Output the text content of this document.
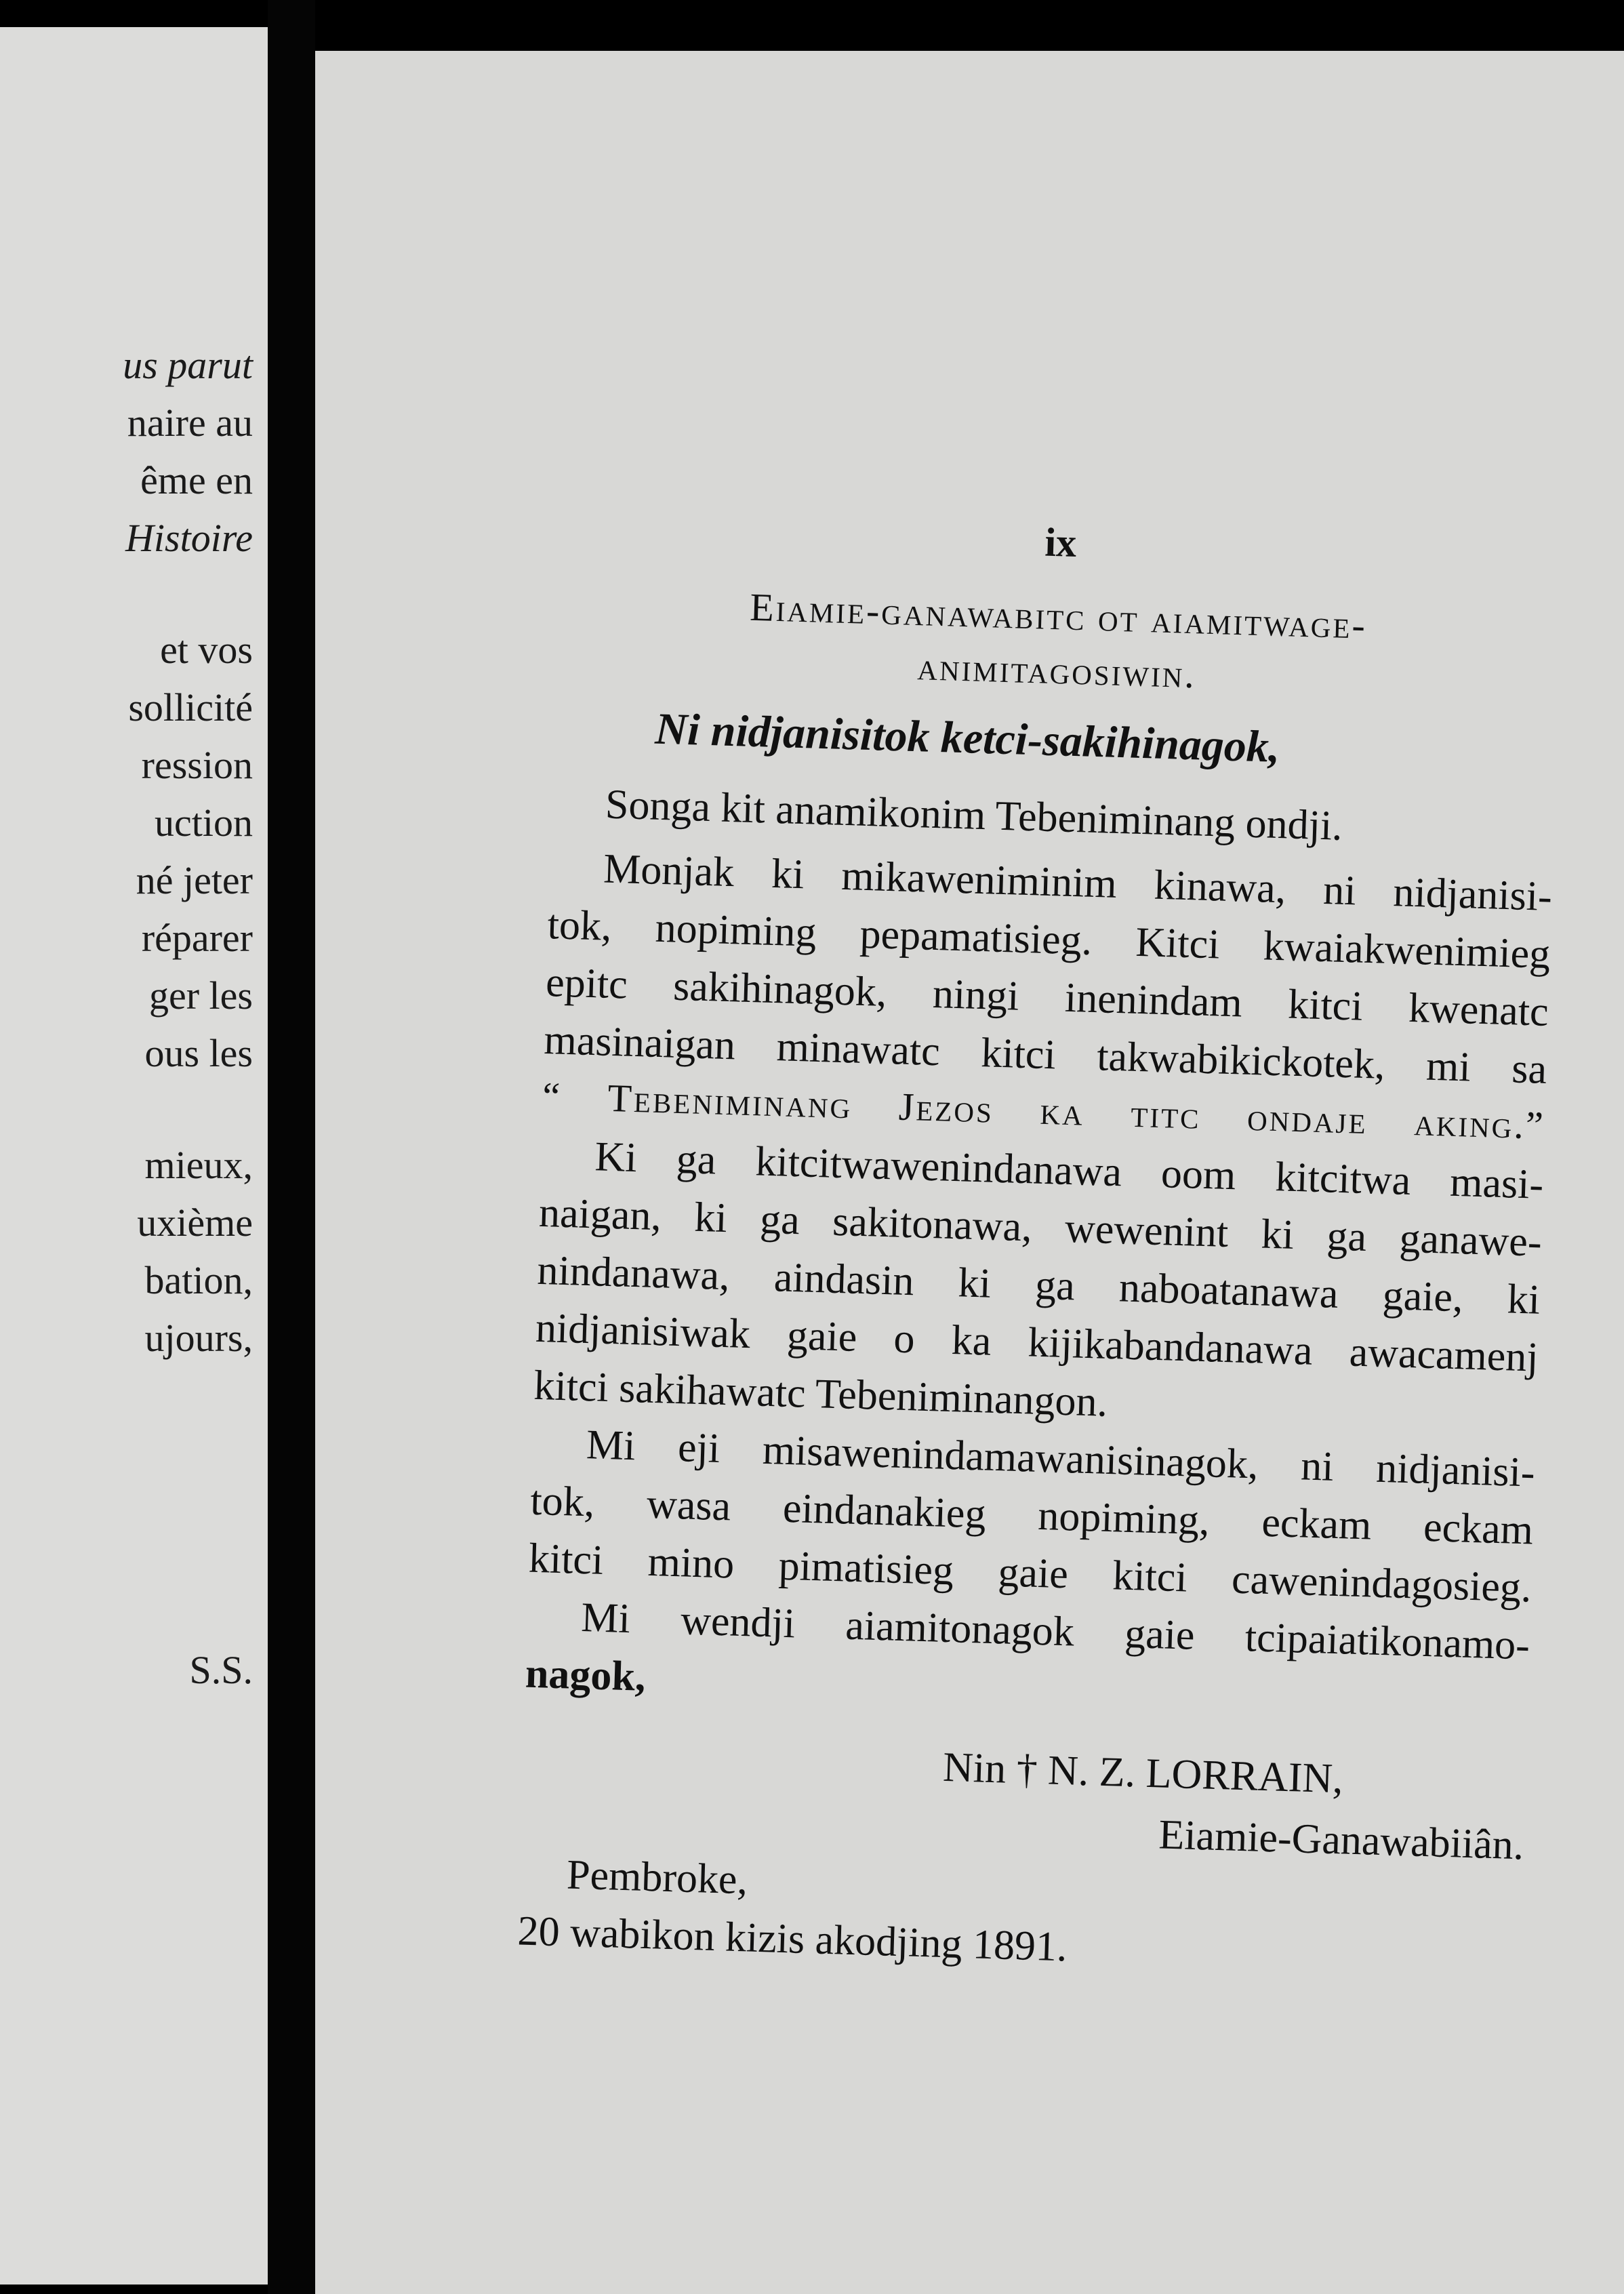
us parut
naire au
ême en
Histoire
et vos
sollicité
ression
uction
né jeter
réparer
ger les
ous les
mieux,
uxième
bation,
ujours,
S.S.
ix
Eiamie-ganawabitc ot aiamitwage-
animitagosiwin.
Ni nidjanisitok ketci-sakihinagok,
Songa kit anamikonim Tebeniminang ondji.
Monjak ki mikaweniminim kinawa, ni nidjanisi-
tok, nopiming pepamatisieg. Kitci kwaiakwenimieg
epitc sakihinagok, ningi inenindam kitci kwenatc
masinaigan minawatc kitci takwabikickotek, mi sa
“ Tebeniminang Jezos ka titc ondaje aking.”
Ki ga kitcitwawenindanawa oom kitcitwa masi-
naigan, ki ga sakitonawa, wewenint ki ga ganawe-
nindanawa, aindasin ki ga naboatanawa gaie, ki
nidjanisiwak gaie o ka kijikabandanawa awacamenj
kitci sakihawatc Tebeniminangon.
Mi eji misawenindamawanisinagok, ni nidjanisi-
tok, wasa eindanakieg nopiming, eckam eckam
kitci mino pimatisieg gaie kitci cawenindagosieg.
Mi wendji aiamitonagok gaie tcipaiatikonamo-
nagok,
Nin † N. Z. LORRAIN,
Eiamie-Ganawabiiân.
Pembroke,
20 wabikon kizis akodjing 1891.
